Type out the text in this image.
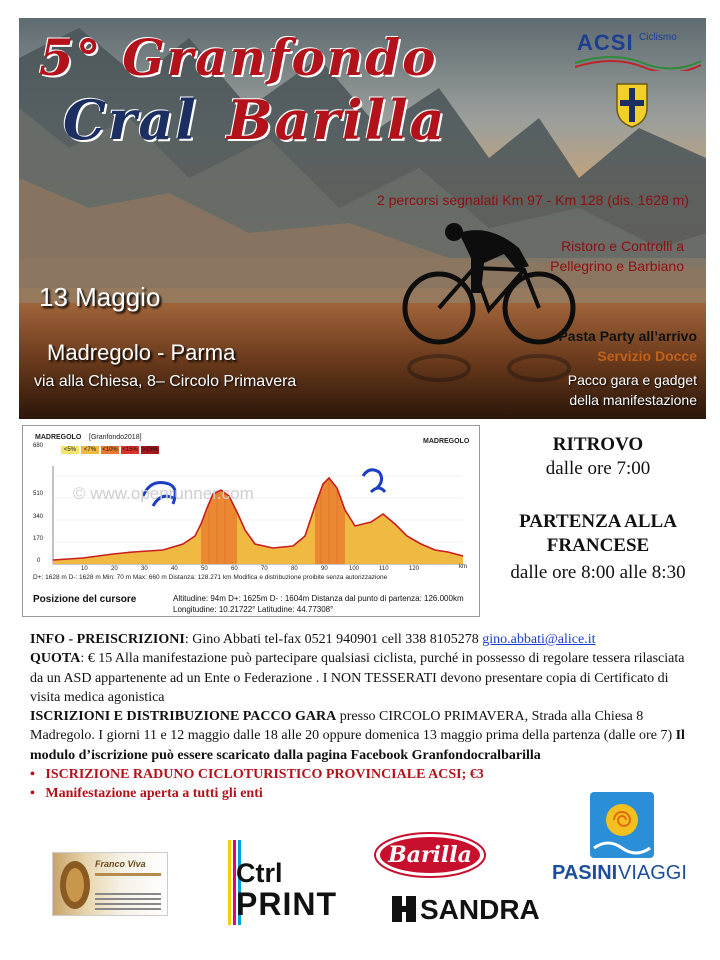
5° Granfondo
Cral Barilla
ACSI Ciclismo
2 percorsi segnalati Km 97 - Km 128 (dis. 1628 m)
Ristoro e Controlli a
Pellegrino e Barbiano
13 Maggio
Madregolo - Parma
via alla Chiesa, 8– Circolo Primavera
Pasta Party all’arrivo
Servizio Docce
Pacco gara e gadget
della manifestazione
MADREGOLO [Granfondo2018]
MADREGOLO
<5%	<7%	<10% <15% >15%
680
510
340
170
0
10	20	30	40	50	60	70	80	90	100	110	120	km
© www.openrunner.com
D+: 1628 m D-: 1628 m Min: 70 m Max: 660 m Distanza: 128.271 km Modifica e distribuzione proibite senza autorizzazione
Posizione del cursore	Altitudine: 94m D+: 1625m D- : 1604m Distanza dal punto di partenza: 126.000km
Longitudine: 10.21722° Latitudine: 44.77308°
RITROVO
dalle ore 7:00
PARTENZA ALLA
FRANCESE
dalle ore 8:00 alle 8:30
INFO - PREISCRIZIONI: Gino Abbati tel-fax 0521 940901 cell 338 8105278 gino.abbati@alice.it
QUOTA: € 15 Alla manifestazione può partecipare qualsiasi ciclista, purché in possesso di regolare tessera rilasciata da un ASD appartenente ad un Ente o Federazione . I NON TESSERATI devono presentare copia di Certificato di visita medica agonistica
ISCRIZIONI E DISTRIBUZIONE PACCO GARA presso CIRCOLO PRIMAVERA, Strada alla Chiesa 8 Madregolo. I giorni 11 e 12 maggio dalle 18 alle 20 oppure domenica 13 maggio prima della partenza (dalle ore 7) Il modulo d’iscrizione può essere scaricato dalla pagina Facebook Granfondocralbarilla
•   ISCRIZIONE RADUNO CICLOTURISTICO PROVINCIALE ACSI; €3
•   Manifestazione aperta a tutti gli enti
Franco Viva	Ctrl
PRINT
Barilla
SANDRA
PASINI VIAGGI
